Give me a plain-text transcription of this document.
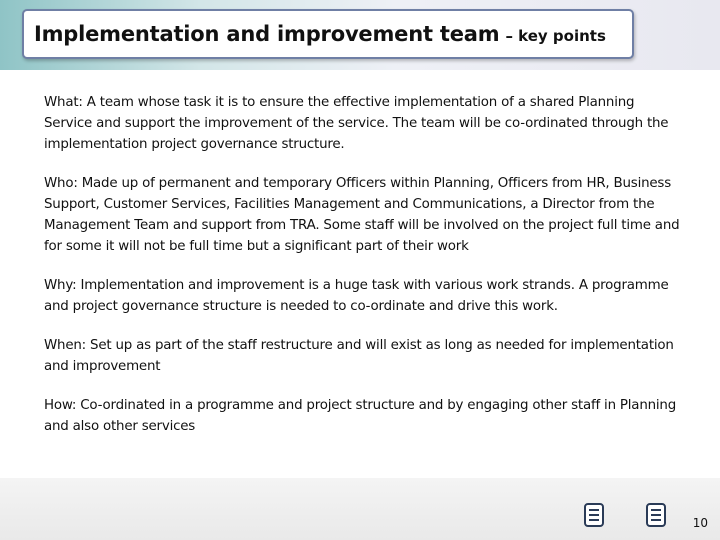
Implementation and improvement team – key points

What: A team whose task it is to ensure the effective implementation of a shared Planning Service and support the improvement of the service. The team will be co-ordinated through the implementation project governance structure.

Who: Made up of permanent and temporary Officers within Planning, Officers from HR, Business Support, Customer Services, Facilities Management and Communications, a Director from the Management Team and support from TRA. Some staff will be involved on the project full time and for some it will not be full time but a significant part of their work

Why: Implementation and improvement is a huge task with various work strands. A programme and project governance structure is needed to co-ordinate and drive this work.

When: Set up as part of the staff restructure and will exist as long as needed for implementation and improvement

How: Co-ordinated in a programme and project structure and by engaging other staff in Planning and also other services

10
